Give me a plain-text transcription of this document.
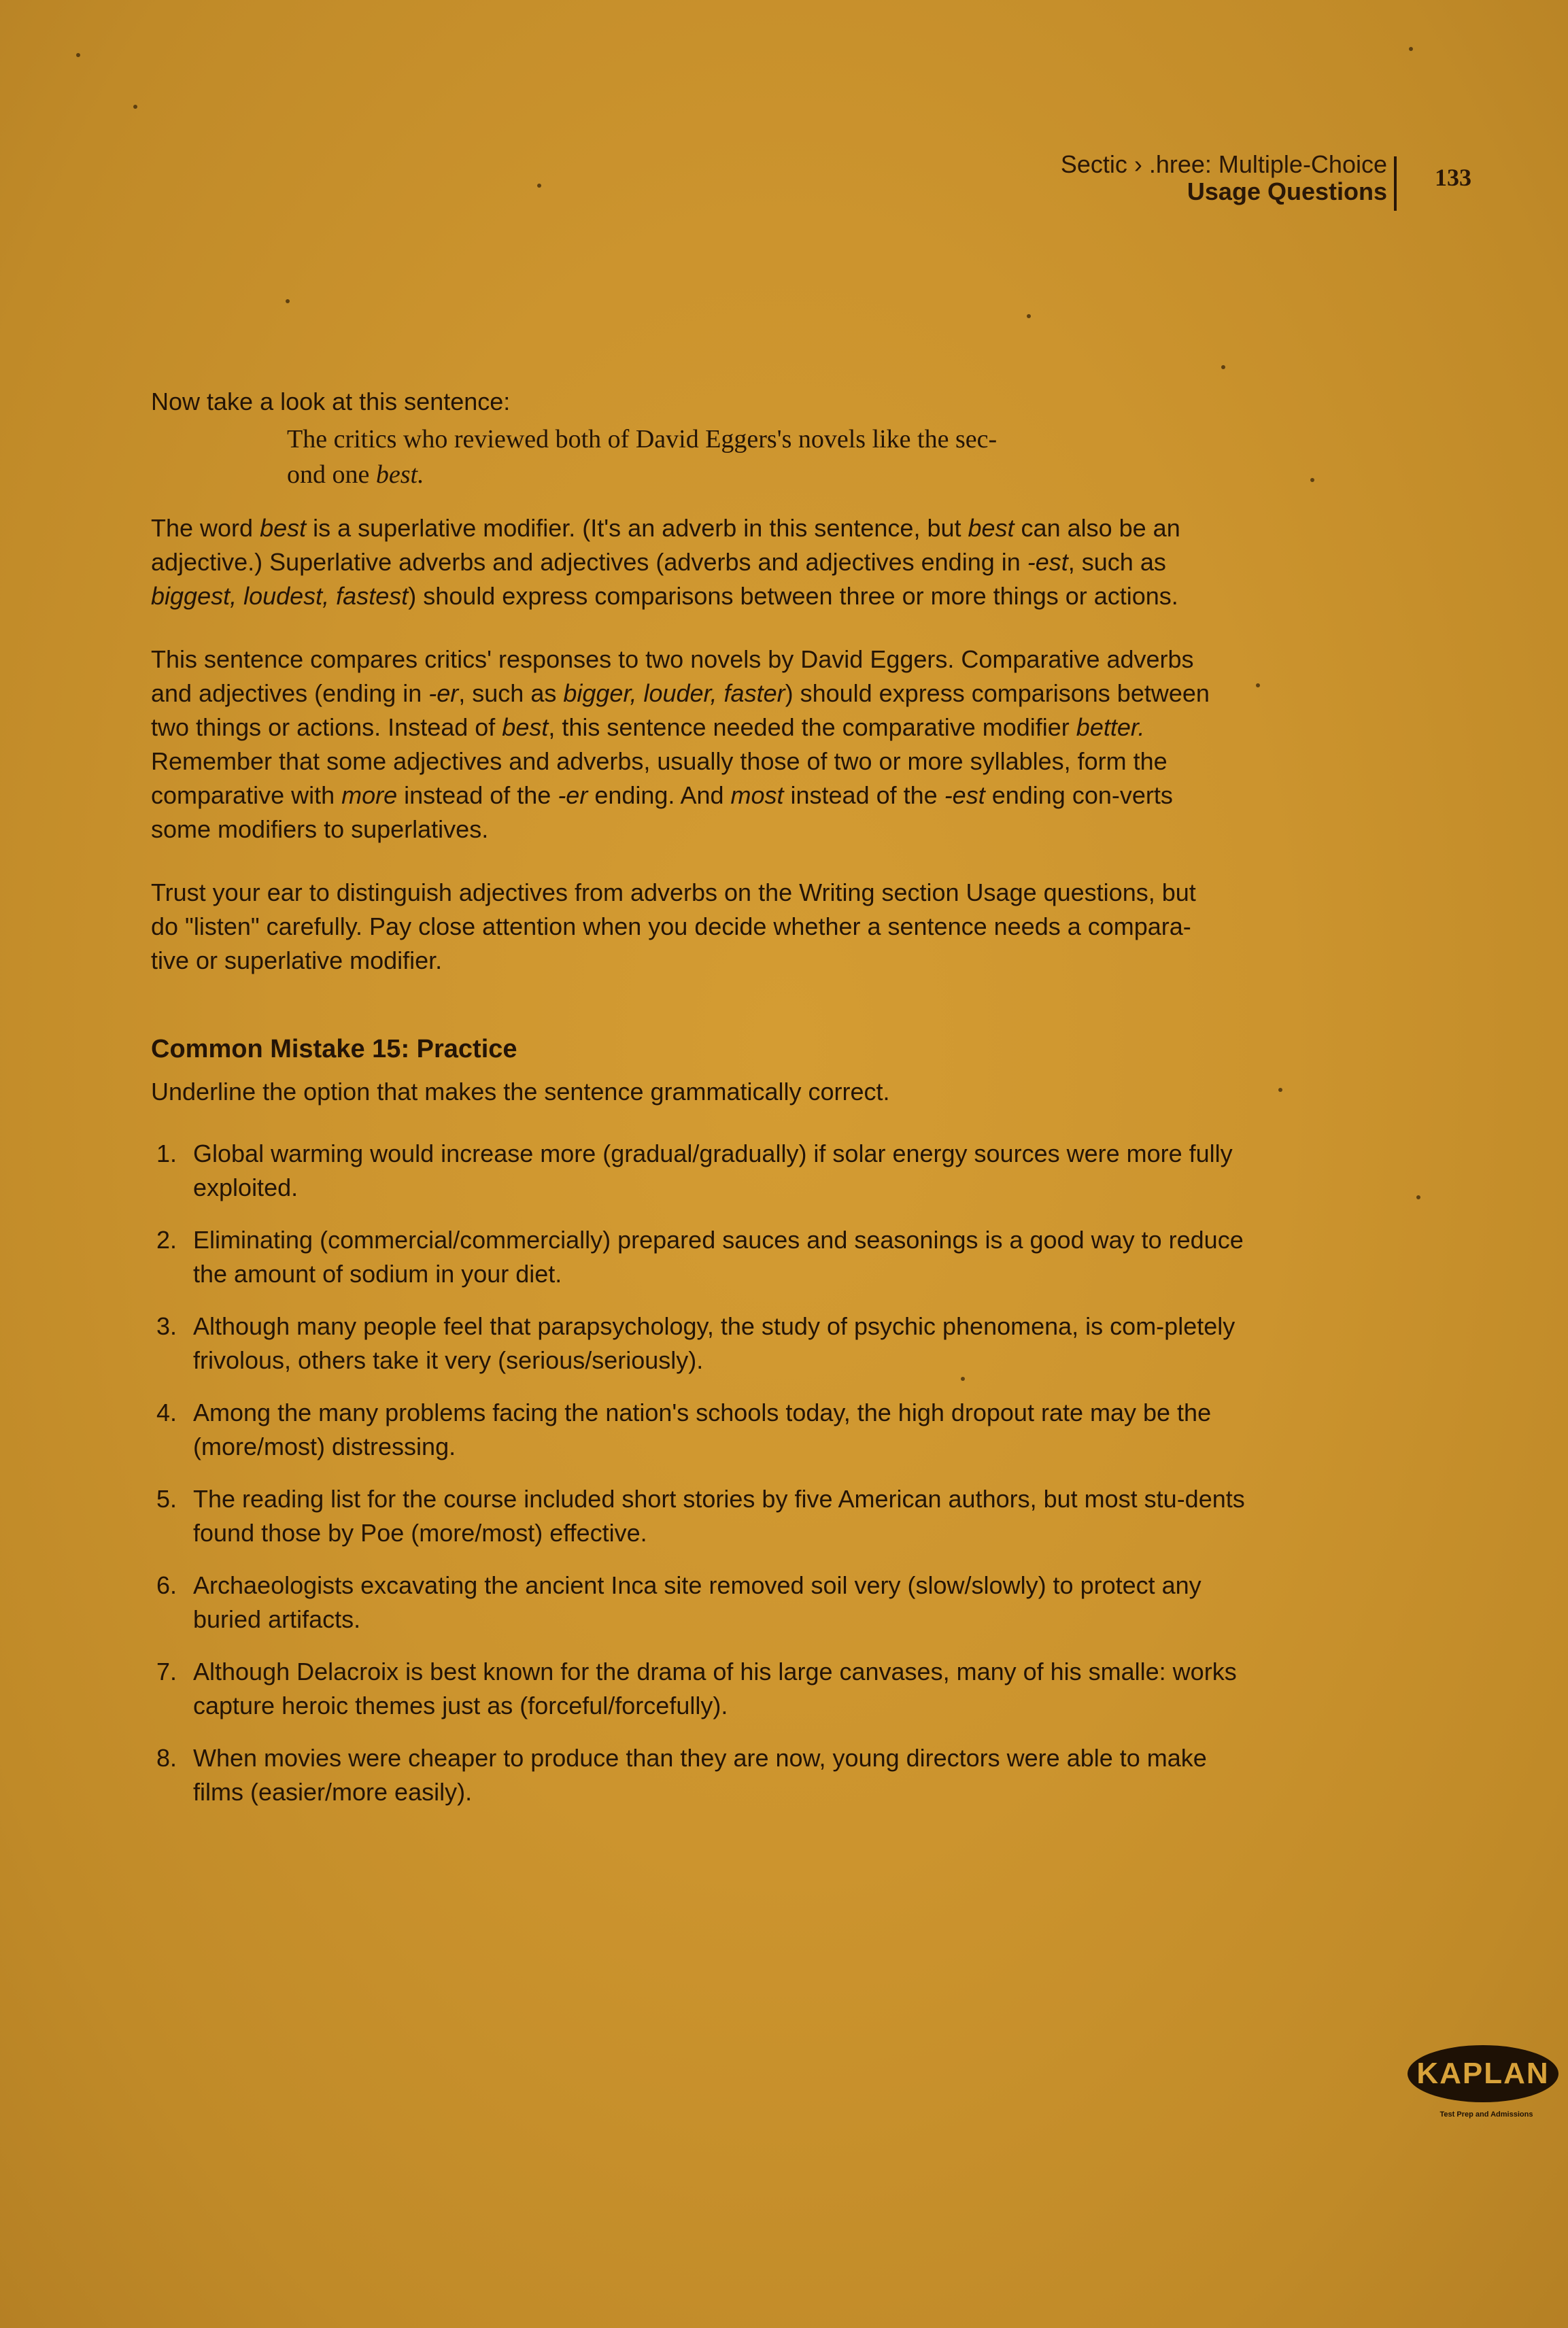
Sectic › .hree: Multiple-Choice
Usage Questions 133
Now take a look at this sentence:
The critics who reviewed both of David Eggers's novels like the sec-
ond one best.
The word best is a superlative modifier. (It's an adverb in this sentence, but best can also be an adjective.) Superlative adverbs and adjectives (adverbs and adjectives ending in -est, such as biggest, loudest, fastest) should express comparisons between three or more things or actions.
This sentence compares critics' responses to two novels by David Eggers. Comparative adverbs and adjectives (ending in -er, such as bigger, louder, faster) should express comparisons between two things or actions. Instead of best, this sentence needed the comparative modifier better. Remember that some adjectives and adverbs, usually those of two or more syllables, form the comparative with more instead of the -er ending. And most instead of the -est ending con-verts some modifiers to superlatives.
Trust your ear to distinguish adjectives from adverbs on the Writing section Usage questions, but do "listen" carefully. Pay close attention when you decide whether a sentence needs a compara-tive or superlative modifier.
Common Mistake 15: Practice
Underline the option that makes the sentence grammatically correct.
1. Global warming would increase more (gradual/gradually) if solar energy sources were more fully exploited.
2. Eliminating (commercial/commercially) prepared sauces and seasonings is a good way to reduce the amount of sodium in your diet.
3. Although many people feel that parapsychology, the study of psychic phenomena, is com-pletely frivolous, others take it very (serious/seriously).
4. Among the many problems facing the nation's schools today, the high dropout rate may be the (more/most) distressing.
5. The reading list for the course included short stories by five American authors, but most stu-dents found those by Poe (more/most) effective.
6. Archaeologists excavating the ancient Inca site removed soil very (slow/slowly) to protect any buried artifacts.
7. Although Delacroix is best known for the drama of his large canvases, many of his smalle: works capture heroic themes just as (forceful/forcefully).
8. When movies were cheaper to produce than they are now, young directors were able to make films (easier/more easily).
KAPLAN
Test Prep and Admissions
